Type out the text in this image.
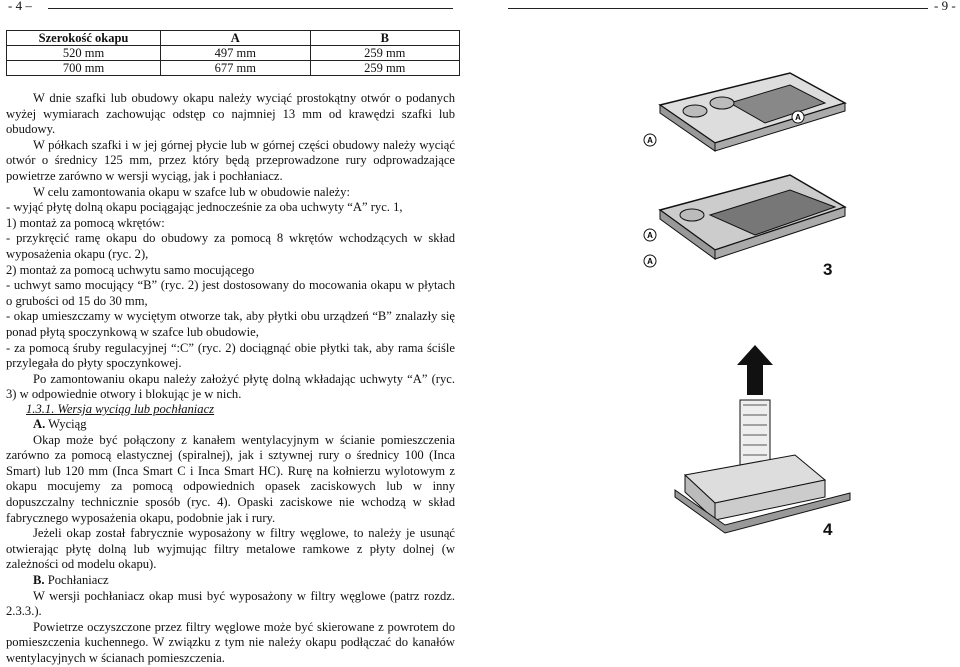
- 4 –	- 9 -
Szerokość okapu	A	B
520 mm	497 mm	259 mm
700 mm	677 mm	259 mm

W dnie szafki lub obudowy okapu należy wyciąć prostokątny otwór o podanych wyżej wymiarach zachowując odstęp co najmniej 13 mm od krawędzi szafki lub obudowy.

W półkach szafki i w jej górnej płycie lub w górnej części obudowy należy wyciąć otwór o średnicy 125 mm, przez który będą przeprowadzone rury odprowadzające powietrze zarówno w wersji wyciąg, jak i pochłaniacz.

W celu zamontowania okapu w szafce lub w obudowie należy:

- wyjąć płytę dolną okapu pociągając jednocześnie za oba uchwyty “A” ryc. 1,

1) montaż za pomocą wkrętów:

- przykręcić ramę okapu do obudowy za pomocą 8 wkrętów wchodzących w skład wyposażenia okapu (ryc. 2),

2) montaż za pomocą uchwytu samo mocującego

- uchwyt samo mocujący “B” (ryc. 2) jest dostosowany do mocowania okapu w płytach o grubości od 15 do 30 mm,

- okap umieszczamy w wyciętym otworze tak, aby płytki obu urządzeń “B” znalazły się ponad płytą spoczynkową w szafce lub obudowie,

- za pomocą śruby regulacyjnej “:C” (ryc. 2) dociągnąć obie płytki tak, aby rama ściśle przylegała do płyty spoczynkowej.

Po zamontowaniu okapu należy założyć płytę dolną wkładając uchwyty “A” (ryc. 3) w odpowiednie otwory i blokując je w nich.

1.3.1. Wersja wyciąg lub pochłaniacz

A. Wyciąg

Okap może być połączony z kanałem wentylacyjnym w ścianie pomieszczenia zarówno za pomocą elastycznej (spiralnej), jak i sztywnej rury o średnicy 100 (Inca Smart) lub 120 mm (Inca Smart C i Inca Smart HC). Rurę na kołnierzu wylotowym z okapu mocujemy za pomocą odpowiednich opasek zaciskowych lub w inny dopuszczalny technicznie sposób (ryc. 4). Opaski zaciskowe nie wchodzą w skład fabrycznego wyposażenia okapu, podobnie jak i rury.

Jeżeli okap został fabrycznie wyposażony w filtry węglowe, to należy je usunąć otwierając płytę dolną lub wyjmując filtry metalowe ramkowe z płyty dolnej (w zależności od modelu okapu).

B. Pochłaniacz

W wersji pochłaniacz okap musi być wyposażony w filtry węglowe (patrz rozdz. 2.3.3.).

Powietrze oczyszczone przez filtry węglowe może być skierowane z powrotem do pomieszczenia kuchennego. W związku z tym nie należy okapu podłączać do kanałów wentylacyjnych w ścianach pomieszczenia.

A
A
A
A	3
4
